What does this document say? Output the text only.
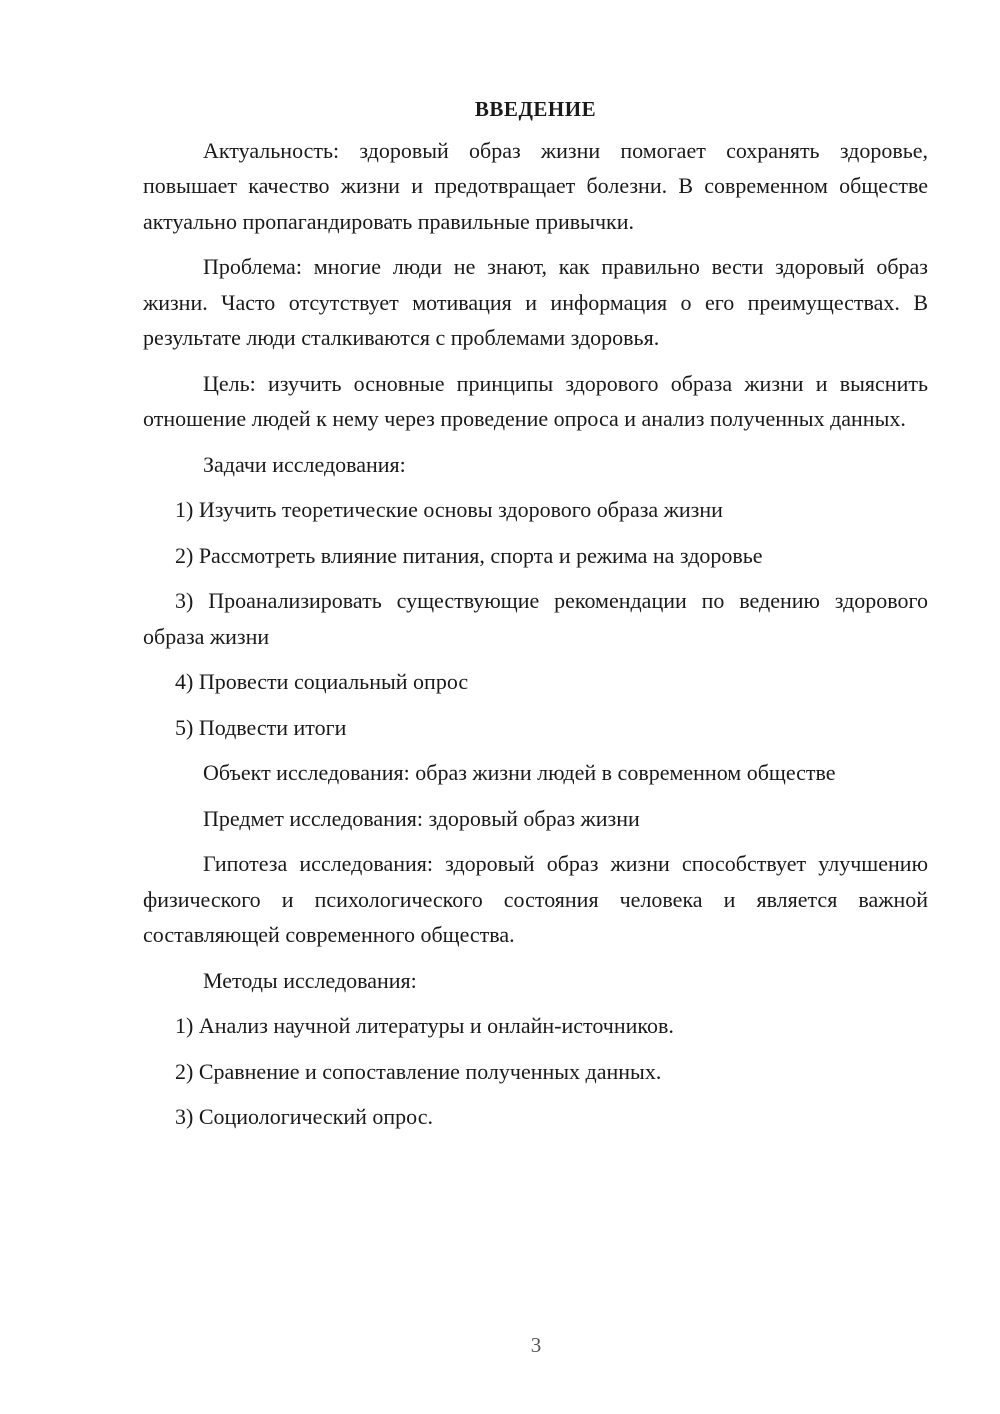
ВВЕДЕНИЕ

Актуальность: здоровый образ жизни помогает сохранять здоровье, повышает качество жизни и предотвращает болезни. В современном обществе актуально пропагандировать правильные привычки.

Проблема: многие люди не знают, как правильно вести здоровый образ жизни. Часто отсутствует мотивация и информация о его преимуществах. В результате люди сталкиваются с проблемами здоровья.

Цель: изучить основные принципы здорового образа жизни и выяснить отношение людей к нему через проведение опроса и анализ полученных данных.

Задачи исследования:

1) Изучить теоретические основы здорового образа жизни

2) Рассмотреть влияние питания, спорта и режима на здоровье

3) Проанализировать существующие рекомендации по ведению здорового образа жизни

4) Провести социальный опрос

5) Подвести итоги

Объект исследования: образ жизни людей в современном обществе

Предмет исследования: здоровый образ жизни

Гипотеза исследования: здоровый образ жизни способствует улучшению физического и психологического состояния человека и является важной составляющей современного общества.

Методы исследования:

1) Анализ научной литературы и онлайн-источников.

2) Сравнение и сопоставление полученных данных.

3) Социологический опрос.

3
